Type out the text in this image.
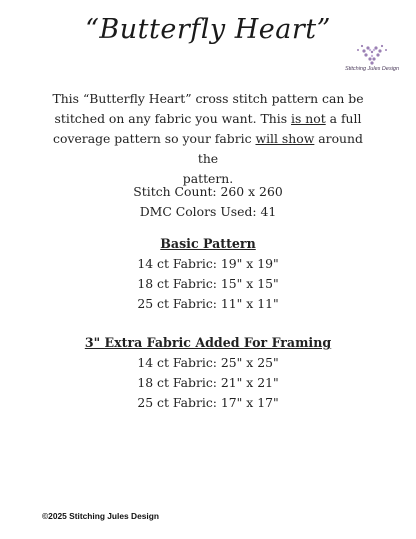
“Butterfly Heart”
Stitching Jules Design
This “Butterfly Heart” cross stitch pattern can be
stitched on any fabric you want. This is not a full
coverage pattern so your fabric will show around the
pattern.
Stitch Count: 260 x 260
DMC Colors Used: 41
Basic Pattern
14 ct Fabric: 19" x 19"
18 ct Fabric: 15" x 15"
25 ct Fabric: 11" x 11"
3" Extra Fabric Added For Framing
14 ct Fabric: 25" x 25"
18 ct Fabric: 21" x 21"
25 ct Fabric: 17" x 17"
©2025 Stitching Jules Design
